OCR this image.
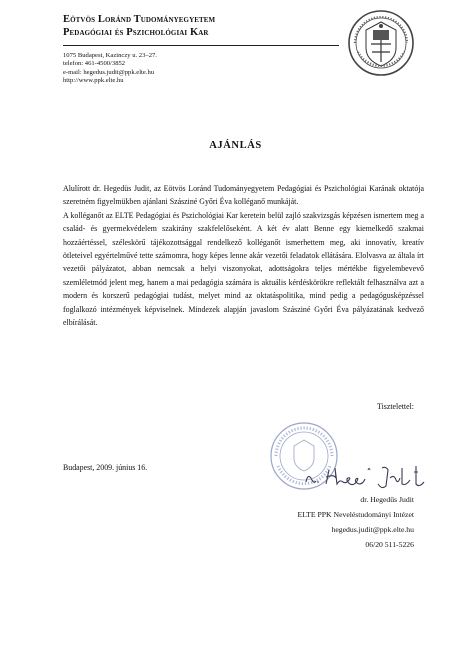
Eötvös Loránd Tudományegyetem
Pedagógiai és Pszichológiai Kar
1075 Budapest, Kazinczy u. 23–27.
telefon: 461-4500/3852
e-mail: hegedus.judit@ppk.elte.hu
http://www.ppk.elte.hu
AJÁNLÁS

Alulírott dr. Hegedüs Judit, az Eötvös Loránd Tudományegyetem Pedagógiai és Pszichológiai Karának oktatója szeretném figyelmükben ajánlani Szásziné Győri Éva kolléganő munkáját.

A kolléganőt az ELTE Pedagógiai és Pszichológiai Kar keretein belül zajló szakvizsgás képzésen ismertem meg a család- és gyermekvédelem szakirány szakfelelőseként. A két év alatt Benne egy kiemelkedő szakmai hozzáértéssel, széleskörű tájékozottsággal rendelkező kolléganőt ismerhettem meg, aki innovatív, kreatív ötleteivel egyértelművé tette számomra, hogy képes lenne akár vezetői feladatok ellátására. Elolvasva az általa írt vezetői pályázatot, abban nemcsak a helyi viszonyokat, adottságokra teljes mértékbe figyelembevevő szemléletmód jelent meg, hanem a mai pedagógia számára is aktuális kérdéskörökre reflektált felhasználva azt a modern és korszerű pedagógiai tudást, melyet mind az oktatáspolitika, mind pedig a pedagógusképzéssel foglalkozó intézmények képviselnek. Mindezek alapján javaslom Szásziné Győri Éva pályázatának kedvező elbírálását.

Tisztelettel:
Budapest, 2009. június 16.
dr. Hegedűs Judit
ELTE PPK Neveléstudományi Intézet
hegedus.judit@ppk.elte.hu
06/20 511-5226
